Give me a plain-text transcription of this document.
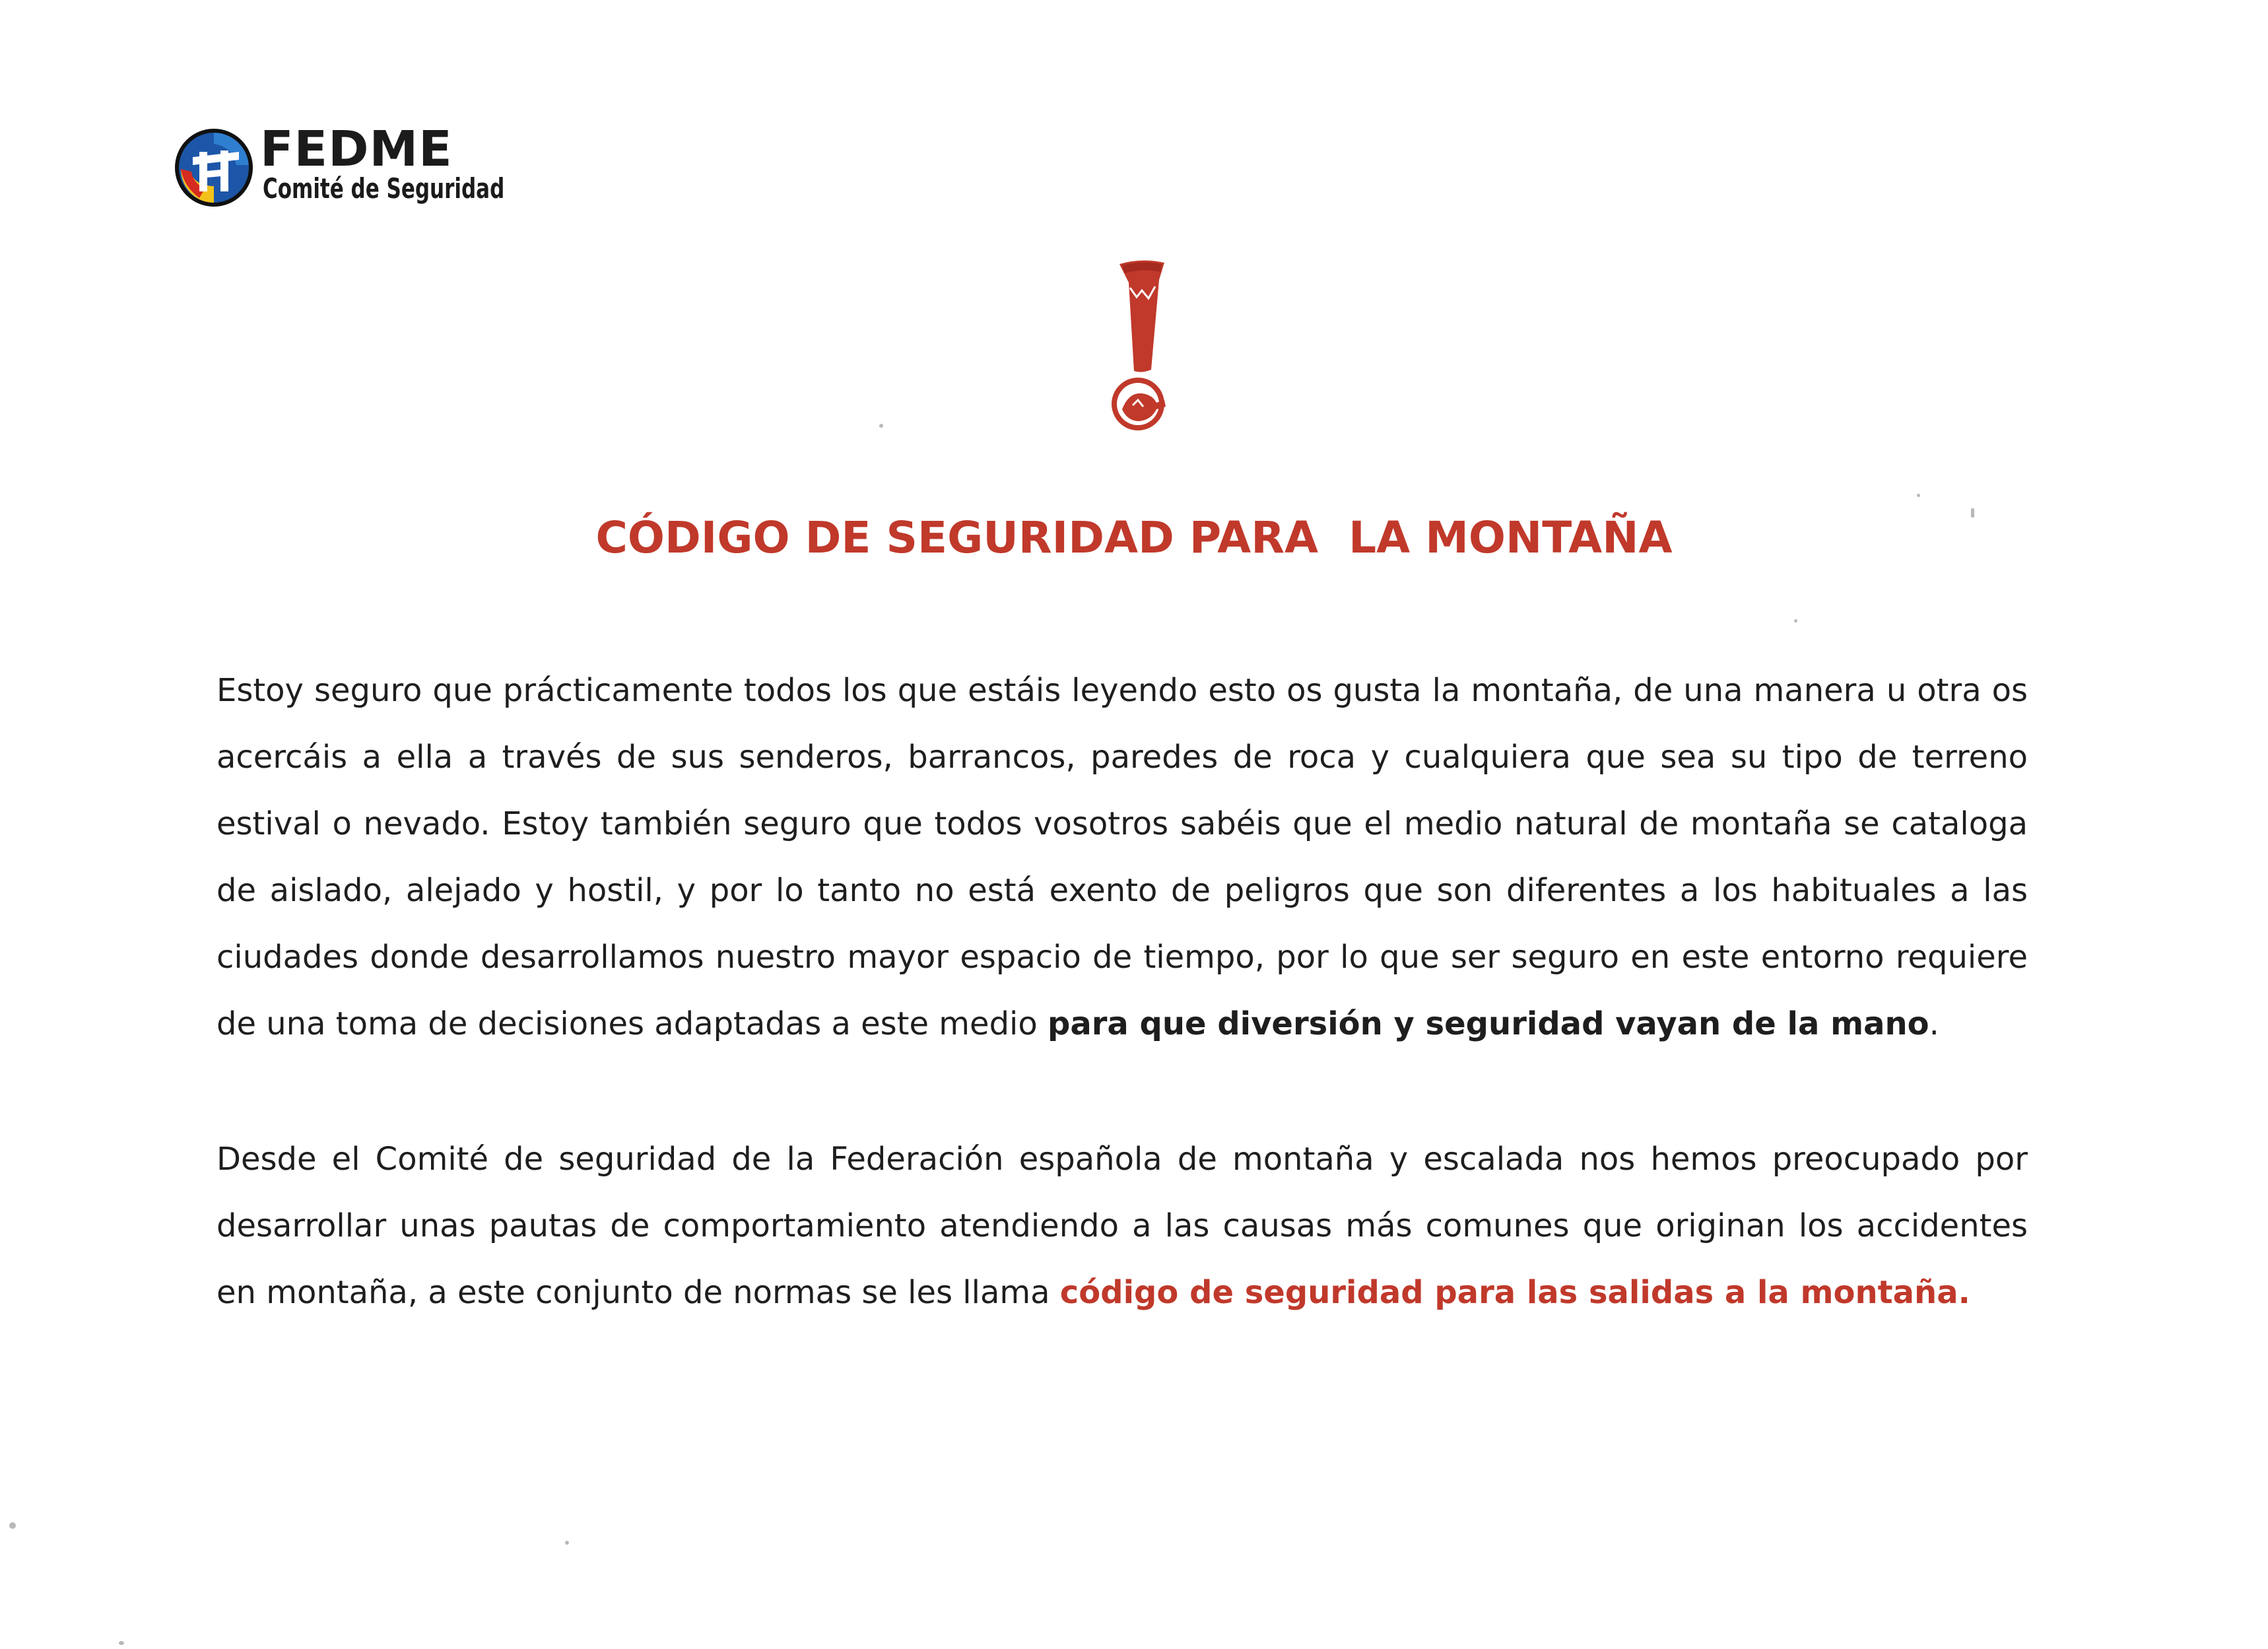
FEDME
Comité de Seguridad
CÓDIGO DE SEGURIDAD PARA  LA MONTAÑA

Estoy seguro que prácticamente todos los que estáis leyendo esto os gusta la montaña, de una manera u otra os acercáis a ella a través de sus senderos, barrancos, paredes de roca y cualquiera que sea su tipo de terreno estival o nevado. Estoy también seguro que todos vosotros sabéis que el medio natural de montaña se cataloga de aislado, alejado y hostil, y por lo tanto no está exento de peligros que son diferentes a los habituales a las ciudades donde desarrollamos nuestro mayor espacio de tiempo, por lo que ser seguro en este entorno requiere de una toma de decisiones adaptadas a este medio para que diversión y seguridad vayan de la mano.

Desde el Comité de seguridad de la Federación española de montaña y escalada nos hemos preocupado por desarrollar unas pautas de comportamiento atendiendo a las causas más comunes que originan los accidentes en montaña, a este conjunto de normas se les llama código de seguridad para las salidas a la montaña.
